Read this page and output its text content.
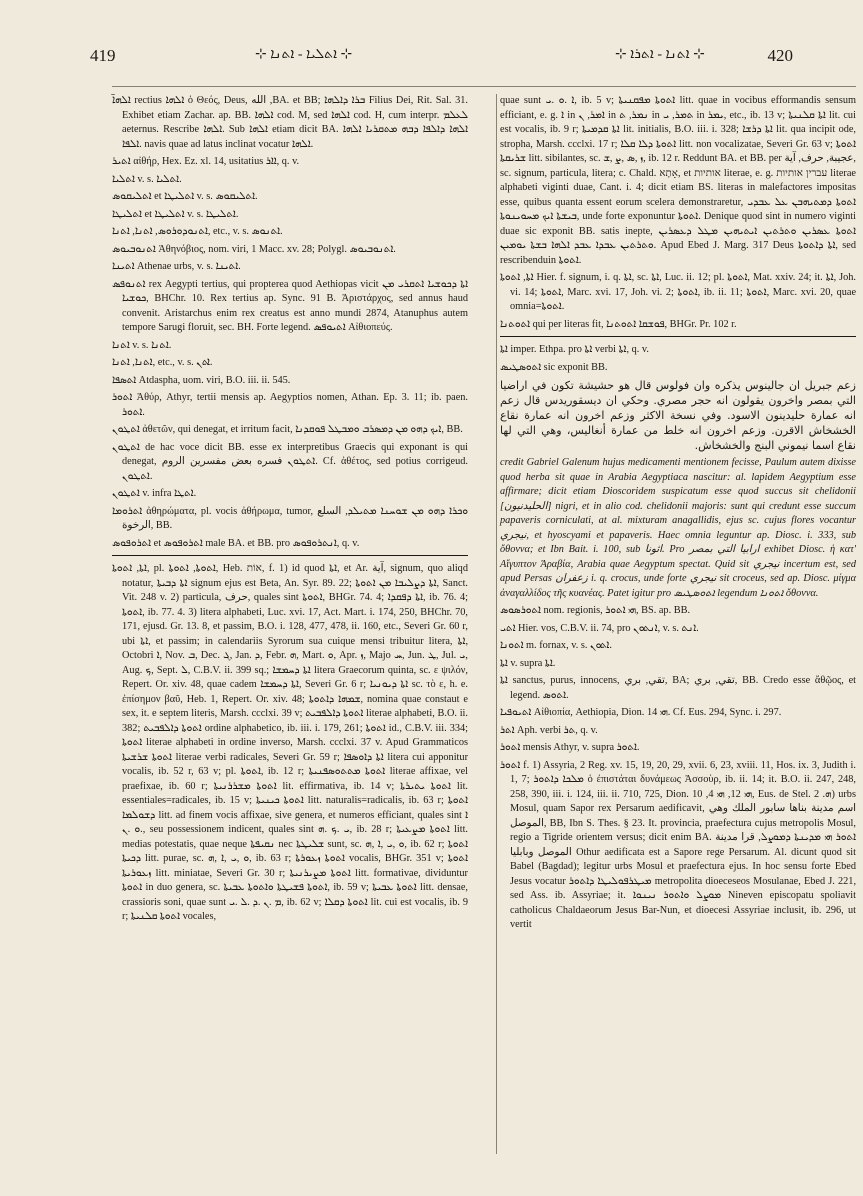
419	⊹ ܐܬܠܝܐ - ܐܬܢܐ ⊹	⊹ ܐܬܢܐ - ܐܬܪܐ ⊹	420

ܐܠܗܐ̈ rectius ܐܠܗܐ ὁ Θεός, Deus, الله ,BA. et BB; ܒܪܐ ܕܐܠܗܐ Filius Dei, Rit. Sal. 31. Exhibet etiam Zachar. ap. BB. ܐܠܗܐ cod. M, sed ܐܠܗܐ cod. H, cum interpr. ܠܥܠܡ aeternus. Rescribe ܐܠܗܐ. Sub ܐܠܗܐ etiam dicit BA. ܐܠܗܐ ܕܐܠܦܐ ܕܒܗ ܡܬܩܪܝܐ ܐܠܗܐ .ܐܠܦܐ navis quae ad latus inclinat vocatur ܐܠܗܐ.

ܐܬܝܪ αἰθήρ, Hex. Ez. xl. 14, usitatius ܐܐܪ, q. v.

ܐܬܠܝܐ v. s. ܐܬܠܝܐ.

ܐܬܠܝܩܘܣ et ܐܬܠܝܛܐ v. s. ܐܬܠܝܩܘܣ.

ܐܬܠܝܛܐ et ܐܬܠܝܛܐ v. s. ܐܬܠܝܛܐ.

ܐܬܢܘܕܘܪܘܣ, ܐܬܢܐ, ܐܬܢܐ, etc., v. s. ܐܬܢܘܣ.

ܐܬܢܘܒܝܘܣ Ἀθηνόβιος, nom. viri, 1 Macc. xv. 28; Polygl. ܐܬܢܘܒܝܘܣ.

ܐܬܝܢܐ Athenae urbs, v. s. ܐܬܝܢܐ.

ܐܬܢܘܦܣ rex Aegypti tertius, qui propterea quod Aethiopas vicit ܐܬܐ ܕܟܘܫܝܐ ܐܬܩܪܝ ܡܢ ܟܘܫܝܐ, BHChr. 10. Rex tertius ap. Sync. 91 B. Ἀριστάρχος, sed annus haud convenit. Aristarchus enim rex creatus est anno mundi 2874, Atanuphus autem tempore Sarugi floruit, sec. BH. Forte legend. ܐܬܝܘܦܣ Αἰθιοπεύς.

ܐܬܢܐ v. s. ܐܬܢܐ.

ܐܬܢܐ, ܐܬܢܐ, etc., v. s. ܐܬܢ.

ܐܬܣܦܐ Atdaspha, uom. viri, B.O. iii. ii. 545.

ܐܬܘܪ Ἀθύρ, Athyr, tertii mensis ap. Aegyptios nomen, Athan. Ep. 3. 11; ib. paen. ܐܬܘܪ.

ܐܬܛܘܢ ἀθετῶν, qui denegat, et irritum facit, ܐܝܟ ܕܗܘ ܡܢ ܕܡܣܪܒ ܘܡܒܛܠ ܦܘܩܕܢܐ, BB.

ܐܬܛܘܢ de hac voce dicit BB. esse ex interpretibus Graecis qui exponant is qui denegat, ܐܬܛܘܢ فسره بعض مفسرين الروم. Cf. ἀθέτος, sed potius corrigeud. ܐܬܛܘܢ.

ܐܬܛܘܢ v. infra ܐܬܛܐ.

ܐܬܪܘܡܐ ἀθηρώματα, pl. vocis ἀθήρωμα, tumor, ܘܟܪܐ ܕܗܘ ܡܢ ܫܘܚܢܐ ܡܬܝܠܕ, السلع الرخوة, BB.

ܐܬܪܘܦܘܣ et ܐܬܪܘܦܘܣ male BA. et BB. pro ܐܢܬܪܘܦܘܣ, q. v.

ܐܬܐ, ܐܬܘܬܐ, pl. ܐܬܘܬܐ, ܐܬܘܬܐ, Heb. אוֹת, f. 1) id quod ܐܬܐ, et Ar. آية, signum, quo aliqd notatur, ܐܬܐ ܕܒܝܬܐ signum ejus est Beta, An. Syr. 89. 22; ܐܬܐ ܕܨܠܝܒܐ ܡܢ ܐܬܘܬܐ, Sanct. Vit. 248 v. 2) particula, حرف, quales sint ܐܬܘܬܐ, BHGr. 74. 4; ܐܬܐ ܕܦܩܕܐ, ib. 76. 4; ܐܬܘܬܐ, ib. 77. 4. 3) litera alphabeti, Luc. xvi. 17, Act. Mart. i. 174, 250, BHChr. 70, 171, ejusd. Gr. 13. 8, et passim, B.O. i. 128, 477, 478, ii. 160, etc., Severi Gr. 60 r, ubi ܐܬܐ, et passim; in calendariis Syrorum sua cuique mensi tribuitur litera, ܐܬܐ, Octobri ܐ, Nov. ܒ, Dec. ܓ, Jan. ܕ, Febr. ܗ, Mart. ܘ, Apr. ܙ, Majo ܚ, Jun. ܛ, Jul. ܝ, Aug. ܟ, Sept. ܠ, C.B.V. ii. 399 sq.; ܐܬܐ ܕܚܡܫܐ litera Graecorum quinta, sc. ε ψιλόν, Repert. Or. xiv. 48, quae cadem ܐܬܐ ܕܚܡܫܐ, Severi Gr. 6 r; ܐܬܐ ܕܝܘܢܝܐ sc. τὸ ε, h. e. ἐπίσημον βαῦ, Heb. 1, Repert. Or. xiv. 48; ܫܡܗܐ ܕܐܬܘܬܐ, nomina quae constaut e sex, it. e septem literis, Marsh. ccclxi. 39 v; ܐܬܘܬܐ ܕܐܠܦܒܝܬ literae alphabeti, B.O. ii. 382; ܐܬܘܬܐ ܕܐܠܦܒܝܬ ordine alphabetico, ib. iii. i. 179, 261; ܐܬܘܬܐ id., C.B.V. iii. 334; ܐܬܘܬܐ literae alphabeti in ordine inverso, Marsh. ccclxi. 37 v. Apud Grammaticos ܐܬܘܬܐ ܫܪܫܝܬܐ literae verbi radicales, Severi Gr. 59 r; ܐܬܐ ܕܐܘܣܦܐ litera cui apponitur vocalis, ib. 52 r, 63 v; pl. ܐܬܘܬܐ, ib. 12 r; ܐܬܘܬܐ ܡܬܬܘܣܦܢܝܬܐ literae affixae, vel praefixae, ib. 60 r; ܐܬܘܬܐ ܡܫܪܪܢܝܬܐ lit. effirmativa, ib. 14 v; ܐܬܘܬܐ ܝܬܝܪܬܐ lit. essentiales=radicales, ib. 15 v; ܐܬܘܬܐ ܟܝܢܝܬܐ litt. naturalis=radicalis, ib. 63 r; ܐܬܘܬܐ ܕܫܘܠܡܐ litt. ad finem vocis affixae, sive genera, et numeros efficiant, quales sint ܐ .ܘ .ܢ, seu possessionem indicent, quales sint ܝ .ܟ .ܗ, ib. 28 r; ܐܬܘܬܐ ܡܨܥܝܬܐ litt. medias potestatis, quae neque ܢܩܝܦܬܐ nec ܫܠܝܛܬܐ sunt, sc. ܘ ,ܝ ,ܐ ,ܗ, ib. 62 r; ܐܬܘܬܐ ܕܟܝܬܐ litt. purae, sc. ܘ ,ܝ ,ܐ ,ܗ, ib. 63 r; ܐܬܘܬܐ ܙܥܘܪܬܐ vocalis, BHGr. 351 v; ܐܬܘܬܐ ܙܥܘܪܝܬܐ litt. miniatae, Severi Gr. 30 r; ܐܬܘܬܐ ܡܨܝܪܢܝܬܐ litt. formativae, dividuntur ܐܬܘܬܐ in duo genera, sc. ܐܬܘܬܐ ܦܫܝܛܬܐ ܘܐܬܘܬܐ ܥܒܝܬܐ, ib. 59 v; ܐܬܘܬܐ ܥܒܝܬܐ litt. densae, crassioris soni, quae sunt ܡ .ܢ .ܕ .ܠ .ܝ, ib. 62 v; ܐܬܘܬܐ ܕܩܠܐ lit. cui est vocalis, ib. 9 r; ܐܬܘܬܐ ܩܠܢܝܬܐ vocales,

quae sunt ܐ .ܘ .ܝ, ib. 5 v; ܐܬܘܬܐ ܡܦܩܢܝܬܐ litt. quae in vocibus efformandis sensum efficiant, e. g. ܐ in ܐܡܪ, ܢ in ܢܡܪ, ܬ in ܬܡܪ, ܝ in ܝܡܪ, etc., ib. 13 v; ܐܬܐ ܩܠܢܝܬܐ lit. cui est vocalis, ib. 9 r; ܐܬܐ ܩܕܡܝܬܐ lit. initialis, B.O. iii. i. 328; ܐܬܐ ܕܪܫܐ lit. qua incipit ode, stropha, Marsh. ccclxi. 17 r; ܐܬܘܬܐ ܕܠܐ ܩܠܐ litt. non vocalizatae, Severi Gr. 63 v; ܐܬܘܬܐ ܫܪܝܩܬܐ litt. sibilantes, sc. ܙ ,ܣ ,ܨ ,ܫ, ib. 12 r. Reddunt BA. et BB. per عجيبة, حرف, آية, sc. signum, particula, litera; c. Chald. אָתָא, et אותיות literae, e. g. עברין אותיות literae alphabeti viginti duae, Cant. i. 4; dicit etiam BS. literas in malefactores impositas esse, quibus quanta essent eorum scelera demonstraretur, ܐܬܘܬܐ ܕܡܬܝܗܒܢ ܥܠ ܥܒܕܝ ܒܝܫܬܐ ܐܝܟ ܡܚܘܝܢܘܬܐ, unde forte exponuntur ܐܬܘܬܐ. Denique quod sint in numero viginti duae sic exponit BB. satis inepte, ܐܬܘܬܐ ܥܣܪܝܢ ܘܬܪܬܝܢ ܐܝܬܝܗܝܢ ܡܛܠ ܕܥܣܪܝܢ ܘܬܪܬܝܢ ܥܒܕܐ ܥܒܕ ܐܠܗܐ ܒܫܬܐ ܝܘܡܝܢ. Apud Ebed J. Marg. 317 Deus ܐܬܐ ܕܐܬܘܬܐ, sed rescribenduin ܐܬܘܬܐ.

ܐܬܐ, ܐܬܘܬܐ Hier. f. signum, i. q. ܐܬܐ, sc. ܐܬܐ, Luc. ii. 12; pl. ܐܬܘܬܐ, Mat. xxiv. 24; it. ܐܬܐ, Joh. vi. 14; ܐܬܘܬܐ, Marc. xvi. 17, Joh. vi. 2; ܐܬܘܬܐ, ib. ii. 11; ܐܬܘܬܐ, Marc. xvi. 20, quae omnia=ܐܬܘܬܐ.

ܐܬܘܬܢܐ qui per literas fit, ܦܘܫܩܐ ܐܬܘܬܢܐ, BHGr. Pr. 102 r.

ܐܬܐ imper. Ethpa. pro ܐܬܐ verbi ܐܬܐ, q. v.

ܐܬܘܣܛܝܣ sic exponit BB.

زعم جبريل ان جالينوس يذكره وان فولوس قال هو حشيشة تكون في اراضيا التي بمصر واخرون يقولون انه حجر مصري. وحكي ان ديسقوريدس قال زعم انه عمارة حليدينون الاسود. وفي نسخة الاكثر وزعم اخرون انه عمارة نقاع الخشخاش الاقرن. وزعم اخرون انه خلط من عمارة أنغاليس، وهي التي لها نقاع اسما نيموني البنج والخشخاش.

credit Gabriel Galenum hujus medicamenti mentionem fecisse, Paulum autem dixisse quod herba sit quae in Arabia Aegyptiaca nascitur: al. lapidem Aegyptium esse affirmare; dicit etiam Dioscoridem suspicatum esse quod succus sit chelidonii [الحليدنيون] nigri, et in alio cod. chelidonii majoris: sunt qui credunt esse succum papaveris corniculati, at al. mixturam anagallidis, ejus sc. cujus flores vocantur نيجري, et hyoscyami et papaveris. Haec omnia leguntur ap. Diosc. i. 333, sub ὄθοννα; et Ibn Bait. i. 100, sub اثونا. Pro ارابيا التي بمصر exhibet Diosc. ἡ κατ' Αἴγυπτον Ἀραβία, Arabia quae Aegyptum spectat. Quid sit نيجري incertum est, sed apud Persas زعفران i. q. crocus, unde forte نيجري sit croceus, sed ap. Diosc. μίγμα ἀναγαλλίδος τῆς κυανέας. Patet igitur pro ܐܬܘܣܛܝܣ legendum ܐܬܘܢܐ ὄθοννα.

ܐܬܘܪܣܘܣ nom. regionis, ܗܝ ܐܬܘܪ, BS. ap. BB.

ܐܬܝ Hier. vos, C.B.V. ii. 74, pro ܐܢܬܘܢ, v. s. ܐܢܬ.

ܐܬܘܢܐ m. fornax, v. s. ܐܬܘܢ.

ܐܬܐ v. supra ܐܬܐ.

ܐܬܐ sanctus, purus, innocens, تقي, بري, BA; تقي, بري, BB. Credo esse ἄθῷος, et legend. ܐܬܘܣ.

ܐܬܝܘܦܝܐ Αἰθιοπία, Aethiopia, Dion. ܗܝ 14. Cf. Eus. 294, Sync. i. 297.

ܐܬܪ Aph. verbi ܬܪ, q. v.

ܐܬܘܪ mensis Athyr, v. supra ܐܬܘܪ.

ܐܬܘܪ f. 1) Assyria, 2 Reg. xv. 15, 19, 20, 29, xvii. 6, 23, xviii. 11, Hos. ix. 3, Judith i. 1, 7; ܡܠܟܐ ܕܐܬܘܪ ὁ ἐπιστάται δυνάμεως Ἀσσοὺρ, ib. ii. 14; it. B.O. ii. 247, 248, 258, 390, iii. i. 124, iii. ii. 710, 725, Dion. ܗܝ 12, ܗܝ 4, 10, Eus. de Stel. ܗ. 2) urbs Mosul, quam Sapor rex Persarum aedificavit, اسم مدينة بناها سابور الملك وهي الموصل, BB, Ibn S. Thes. § 23. It. provincia, praefectura cujus metropolis Mosul, regio a Tigride orientem versus; dicit enim BA. ܐܬܘܪ ܗܝ ܡܕܝܢܬܐ ܕܡܘܨܠ, قرا مدينة الموصل وبابليا Othur aedificata est a Sapore rege Persarum. Al. dicunt quod sit Babel (Bagdad); legitur urbs Mosul et praefectura ejus. In hoc sensu forte Ebed Jesus vocatur ܡܝܛܪܦܘܠܝܛܐ ܕܐܬܘܪ metropolita dioeceseos Mosulanae, Ebed J. 221, sed Ass. ib. Assyriae; it. ܡܘܨܠ ܘܐܬܘܪ ܢܝܢܘܐ Nineven episcopatu spoliavit catholicus Chaldaeorum Jesus Bar-Nun, et dioecesi Assyriae inclusit, ib. 296, ut vertit
